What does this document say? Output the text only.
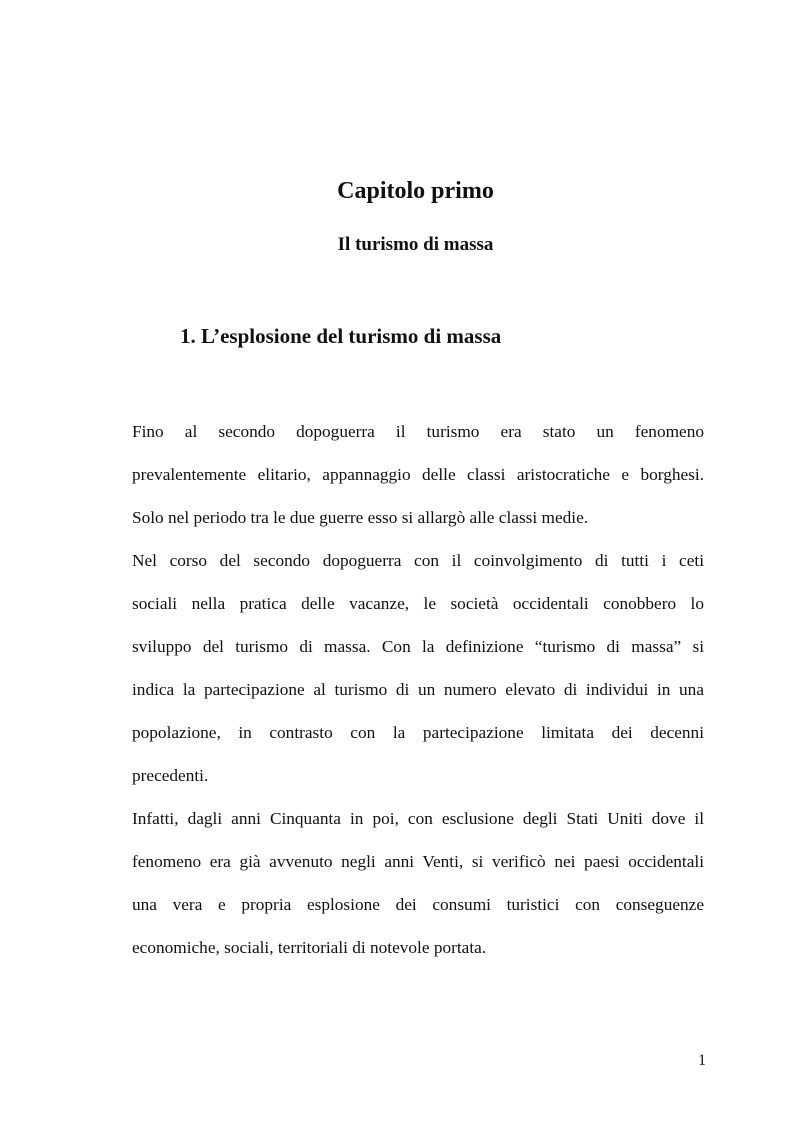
Capitolo primo
Il turismo di massa
1. L’esplosione del turismo di massa
Fino al secondo dopoguerra il turismo era stato un fenomeno
prevalentemente elitario, appannaggio delle classi aristocratiche e borghesi.
Solo nel periodo tra le due guerre esso si allargò alle classi medie.
Nel corso del secondo dopoguerra con il coinvolgimento di tutti i ceti
sociali nella pratica delle vacanze, le società occidentali conobbero lo
sviluppo del turismo di massa. Con la definizione “turismo di massa” si
indica la partecipazione al turismo di un numero elevato di individui in una
popolazione, in contrasto con la partecipazione limitata dei decenni
precedenti.
Infatti, dagli anni Cinquanta in poi, con esclusione degli Stati Uniti dove il
fenomeno era già avvenuto negli anni Venti, si verificò nei paesi occidentali
una vera e propria esplosione dei consumi turistici con conseguenze
economiche, sociali, territoriali di notevole portata.
1
